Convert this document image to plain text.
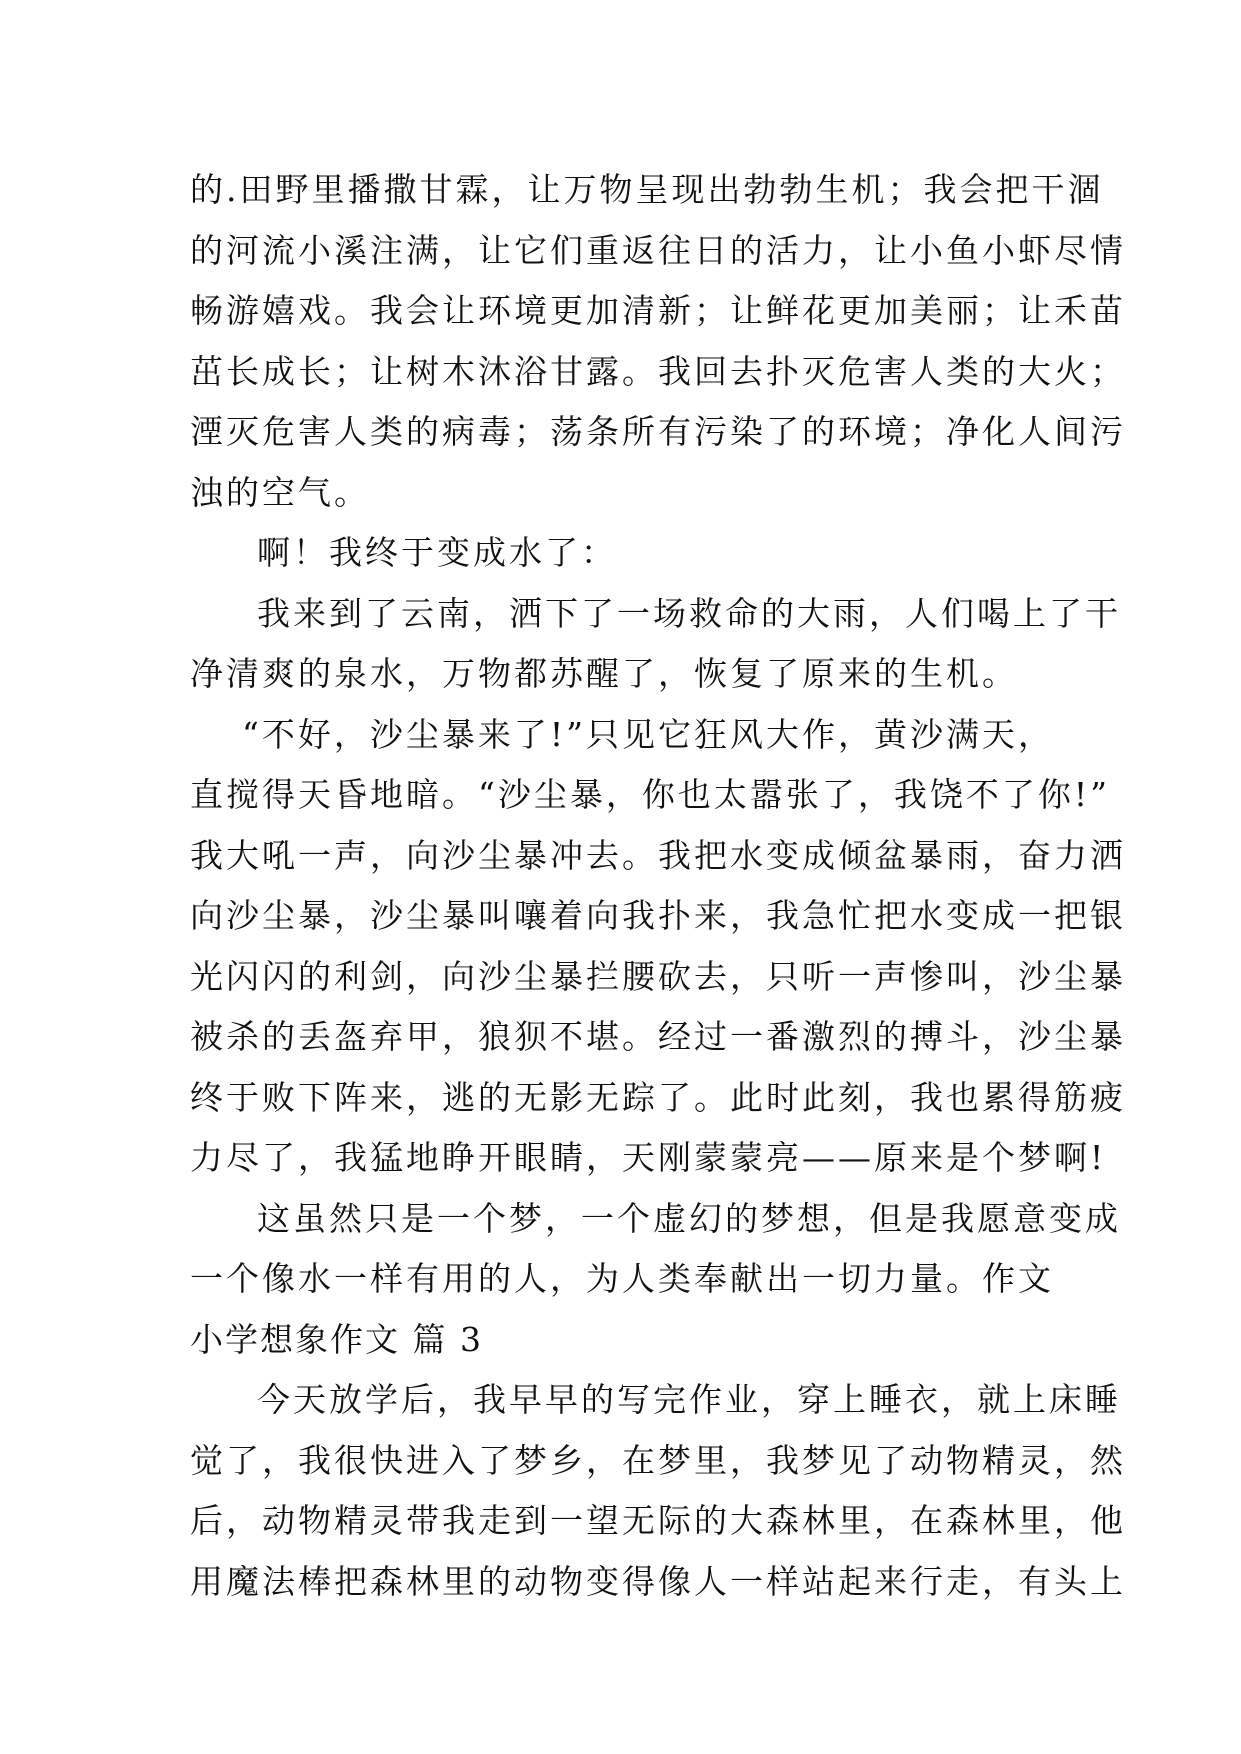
的.田野里播撒甘霖，让万物呈现出勃勃生机；我会把干涸
的河流小溪注满，让它们重返往日的活力，让小鱼小虾尽情
畅游嬉戏。我会让环境更加清新；让鲜花更加美丽；让禾苗
茁长成长；让树木沐浴甘露。我回去扑灭危害人类的大火；
湮灭危害人类的病毒；荡条所有污染了的环境；净化人间污
浊的空气。
啊！我终于变成水了：
我来到了云南，洒下了一场救命的大雨，人们喝上了干
净清爽的泉水，万物都苏醒了，恢复了原来的生机。
“不好，沙尘暴来了!”只见它狂风大作，黄沙满天，
直搅得天昏地暗。“沙尘暴，你也太嚣张了，我饶不了你!”
我大吼一声，向沙尘暴冲去。我把水变成倾盆暴雨，奋力洒
向沙尘暴，沙尘暴叫嚷着向我扑来，我急忙把水变成一把银
光闪闪的利剑，向沙尘暴拦腰砍去，只听一声惨叫，沙尘暴
被杀的丢盔弃甲，狼狈不堪。经过一番激烈的搏斗，沙尘暴
终于败下阵来，逃的无影无踪了。此时此刻，我也累得筋疲
力尽了，我猛地睁开眼睛，天刚蒙蒙亮——原来是个梦啊!
这虽然只是一个梦，一个虚幻的梦想，但是我愿意变成
一个像水一样有用的人，为人类奉献出一切力量。作文
小学想象作文 篇 3
今天放学后，我早早的写完作业，穿上睡衣，就上床睡
觉了，我很快进入了梦乡，在梦里，我梦见了动物精灵，然
后，动物精灵带我走到一望无际的大森林里，在森林里，他
用魔法棒把森林里的动物变得像人一样站起来行走，有头上
